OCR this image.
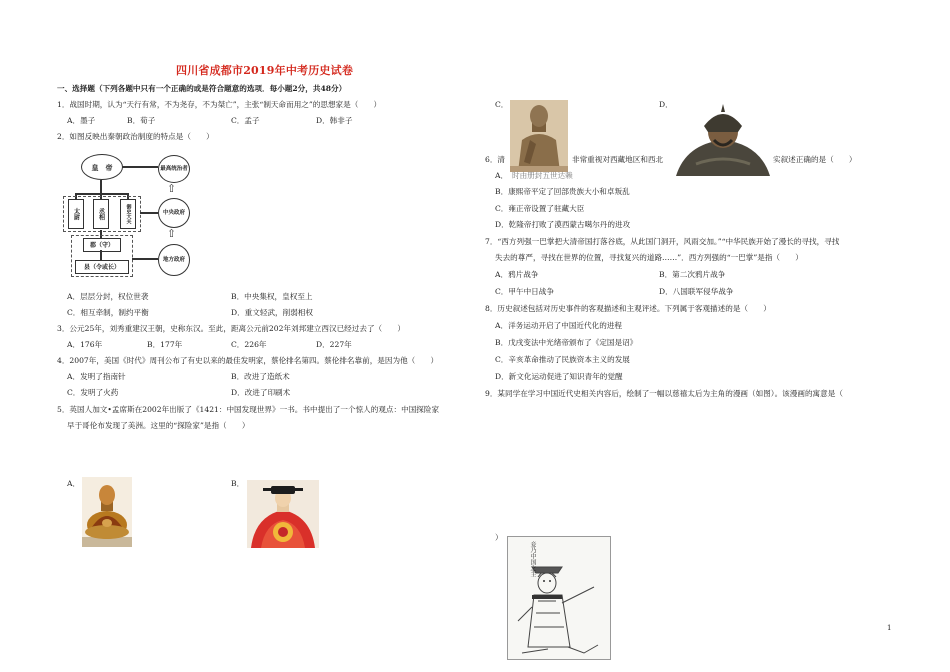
四川省成都市2019年中考历史试卷
一、选择题（下列各题中只有一个正确的或是符合题意的选项．每小题2分，共48分）
1．战国时期，认为“天行有常，不为尧存，不为桀亡”，主张“制天命而用之”的思想家是（　　）
A．墨子	B．荀子	C．孟子	D．韩非子
2．如图反映出秦朝政治制度的特点是（　　）
皇　帝
太尉	丞相	御史大夫
郡（守）
县（令或长）
最高统治者
中央政府
地方政府
⇧
⇧
A．层层分封，权位世袭	B．中央集权，皇权至上
C．相互牵制，制约平衡	D．重文轻武，削弱相权
3．公元25年，刘秀重建汉王朝，史称东汉。至此，距离公元前202年刘邦建立西汉已经过去了（　　）
A．176年	B．177年	C．226年	D．227年
4．2007年，美国《时代》周刊公布了有史以来的最佳发明家，蔡伦排名第四。蔡伦排名靠前，是因为他（　　）
A．发明了指南针	B．改进了造纸术
C．发明了火药	D．改进了印刷术
5．英国人加文•孟席斯在2002年出版了《1421：中国发现世界》一书。书中提出了一个惊人的观点：中国探险家
早于哥伦布发现了美洲。这里的“探险家”是指（　　）
A．	B．
C．	D．
6．清	非常重视对西藏地区和西北	实叙述正确的是（　　）
A． 时由册封五世达赖
B．康熙帝平定了回部贵族大小和卓叛乱
C．雍正帝设置了驻藏大臣
D．乾隆帝打败了漠西蒙古噶尔丹的进攻
7．“西方列强一巴掌把大清帝国打落谷底，从此国门洞开，风雨交加。”“中华民族开始了漫长的寻找，寻找
失去的尊严，寻找在世界的位置，寻找复兴的道路……”．西方列强的“一巴掌”是指（　　）
A．鸦片战争	B．第二次鸦片战争
C．甲午中日战争	D．八国联军侵华战争
8．历史叙述包括对历史事件的客观描述和主观评述。下列属于客观描述的是（　　）
A．洋务运动开启了中国近代化的进程
B．戊戌变法中光绪帝颁布了《定国是诏》
C．辛亥革命推动了民族资本主义的发展
D．新文化运动促进了知识青年的觉醒
9．某同学在学习中国近代史相关内容后，绘制了一幅以慈禧太后为主角的漫画（如图）。该漫画的寓意是（
）
妾乃中国之主
1
